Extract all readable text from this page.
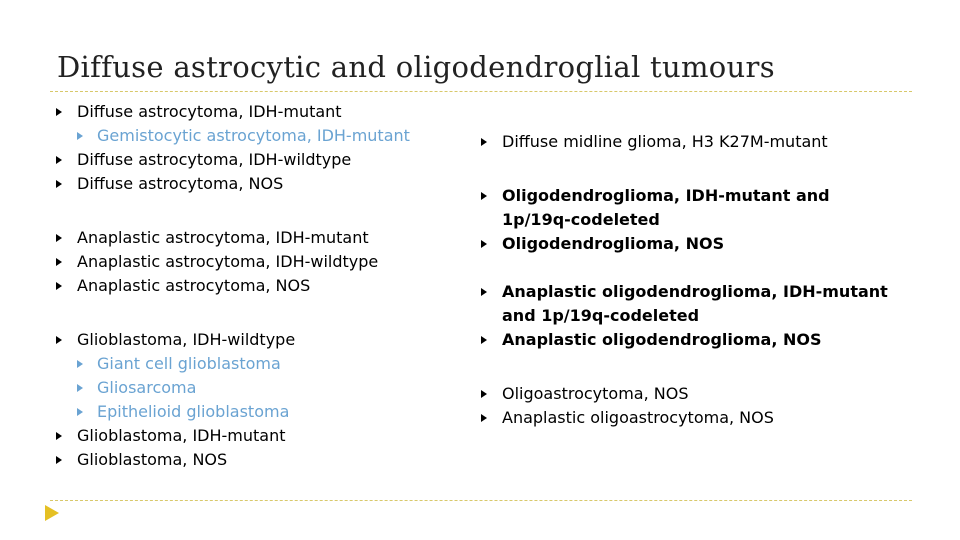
Diffuse astrocytic and oligodendroglial tumours
Diffuse astrocytoma, IDH-mutant
Gemistocytic astrocytoma, IDH-mutant
Diffuse astrocytoma, IDH-wildtype
Diffuse astrocytoma, NOS
Anaplastic astrocytoma, IDH-mutant
Anaplastic astrocytoma, IDH-wildtype
Anaplastic astrocytoma, NOS
Glioblastoma, IDH-wildtype
Giant cell glioblastoma
Gliosarcoma
Epithelioid glioblastoma
Glioblastoma, IDH-mutant
Glioblastoma, NOS
Diffuse midline glioma, H3 K27M-mutant
Oligodendroglioma, IDH-mutant and
1p/19q-codeleted
Oligodendroglioma, NOS
Anaplastic oligodendroglioma, IDH-mutant
and 1p/19q-codeleted
Anaplastic oligodendroglioma, NOS
Oligoastrocytoma, NOS
Anaplastic oligoastrocytoma, NOS
